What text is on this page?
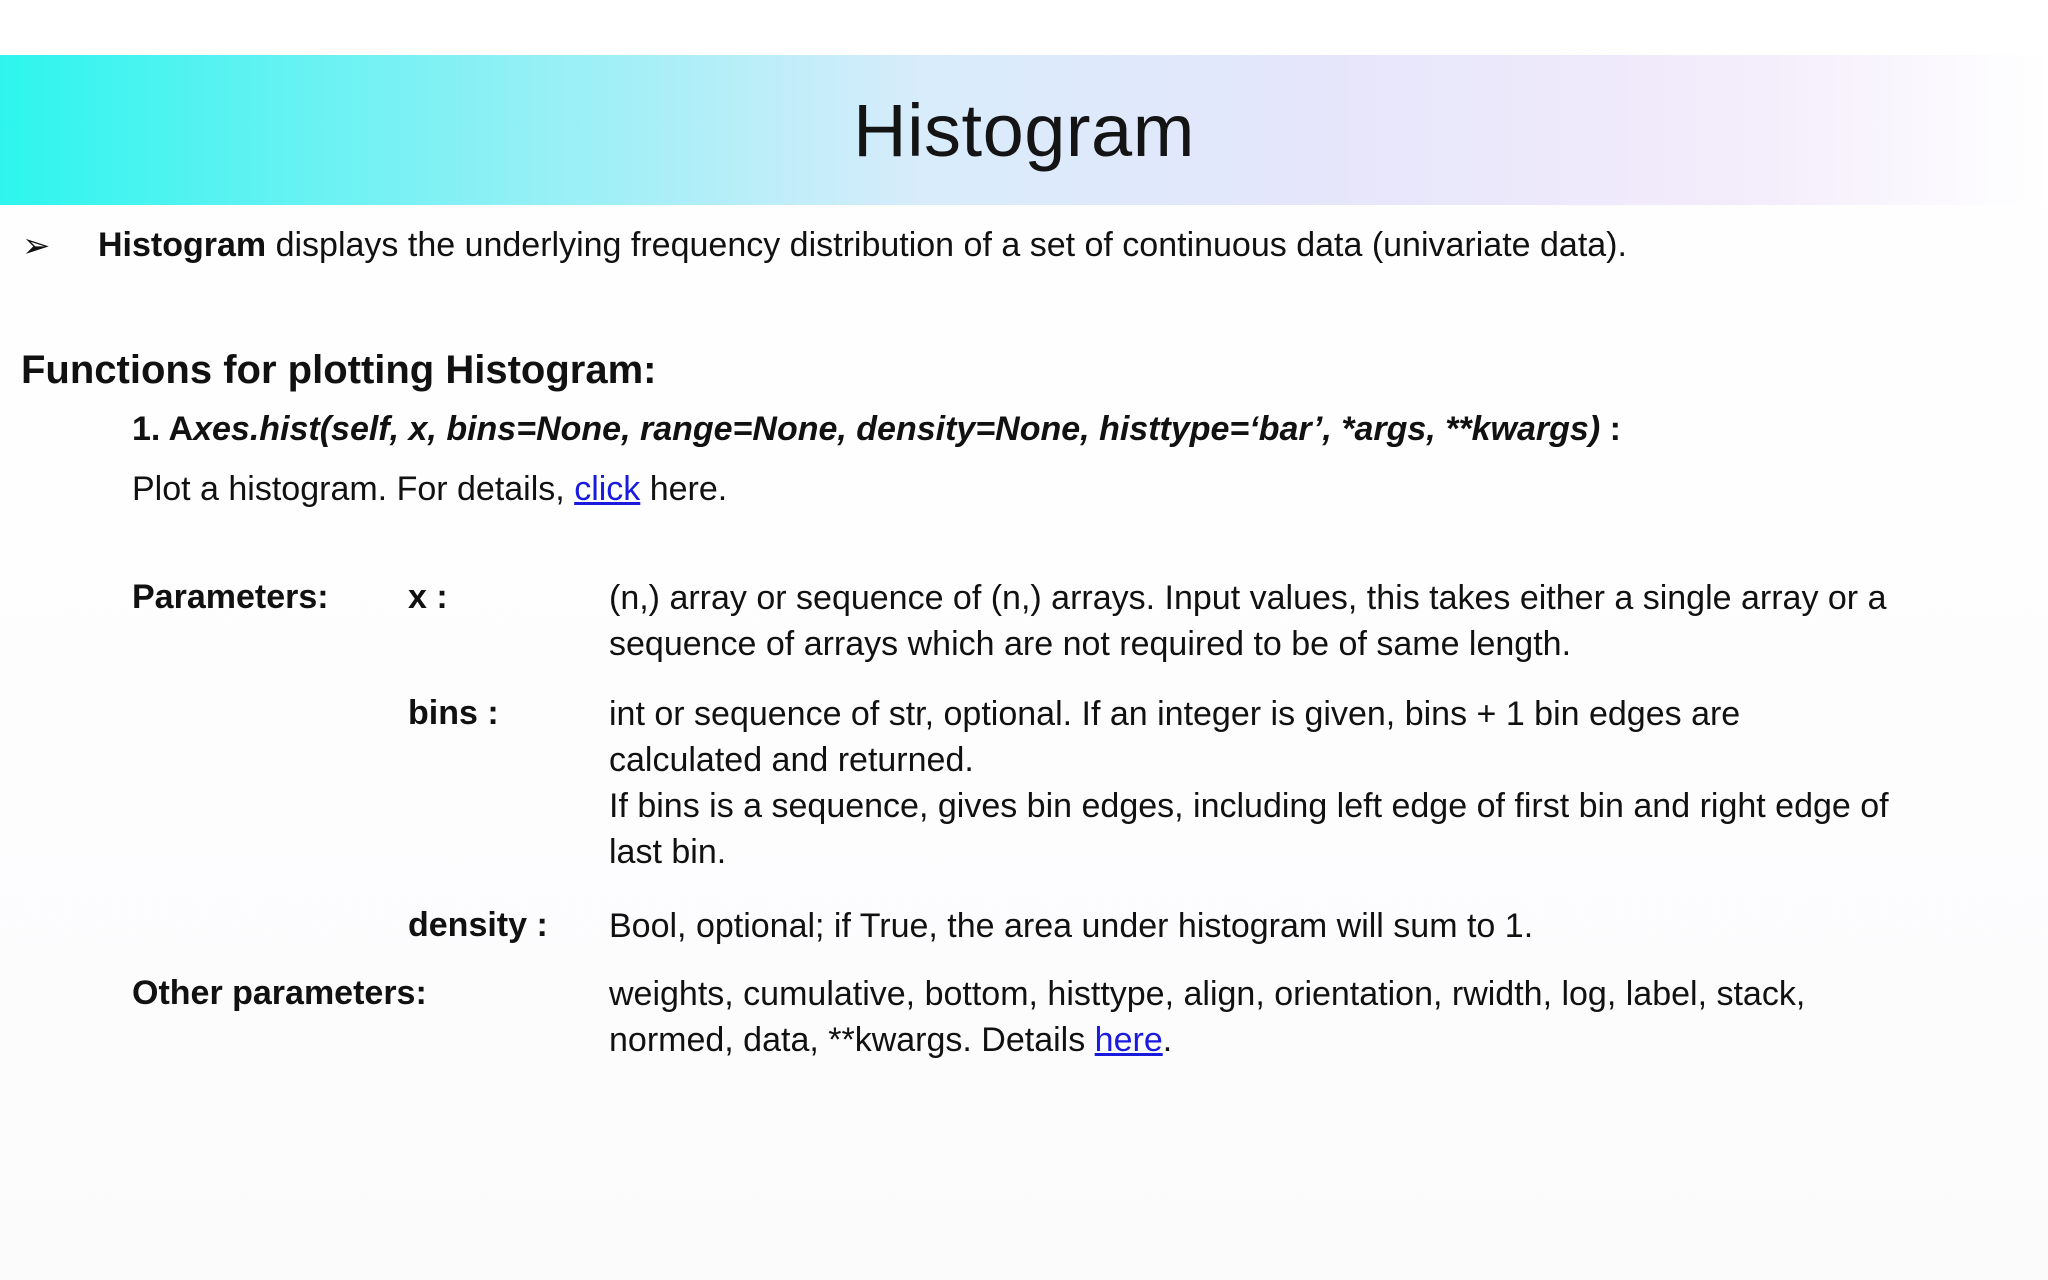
Histogram
➢ Histogram displays the underlying frequency distribution of a set of continuous data (univariate data).
Functions for plotting Histogram:
1. Axes.hist(self, x, bins=None, range=None, density=None, histtype=‘bar’, *args, **kwargs) :
Plot a histogram. For details, click here.
Parameters: x :	(n,) array or sequence of (n,) arrays. Input values, this takes either a single array or a
sequence of arrays which are not required to be of same length.
bins :	int or sequence of str, optional. If an integer is given, bins + 1 bin edges are
calculated and returned.
If bins is a sequence, gives bin edges, including left edge of first bin and right edge of
last bin.
density : Bool, optional; if True, the area under histogram will sum to 1.
Other parameters:	weights, cumulative, bottom, histtype, align, orientation, rwidth, log, label, stack,
normed, data, **kwargs. Details here.
